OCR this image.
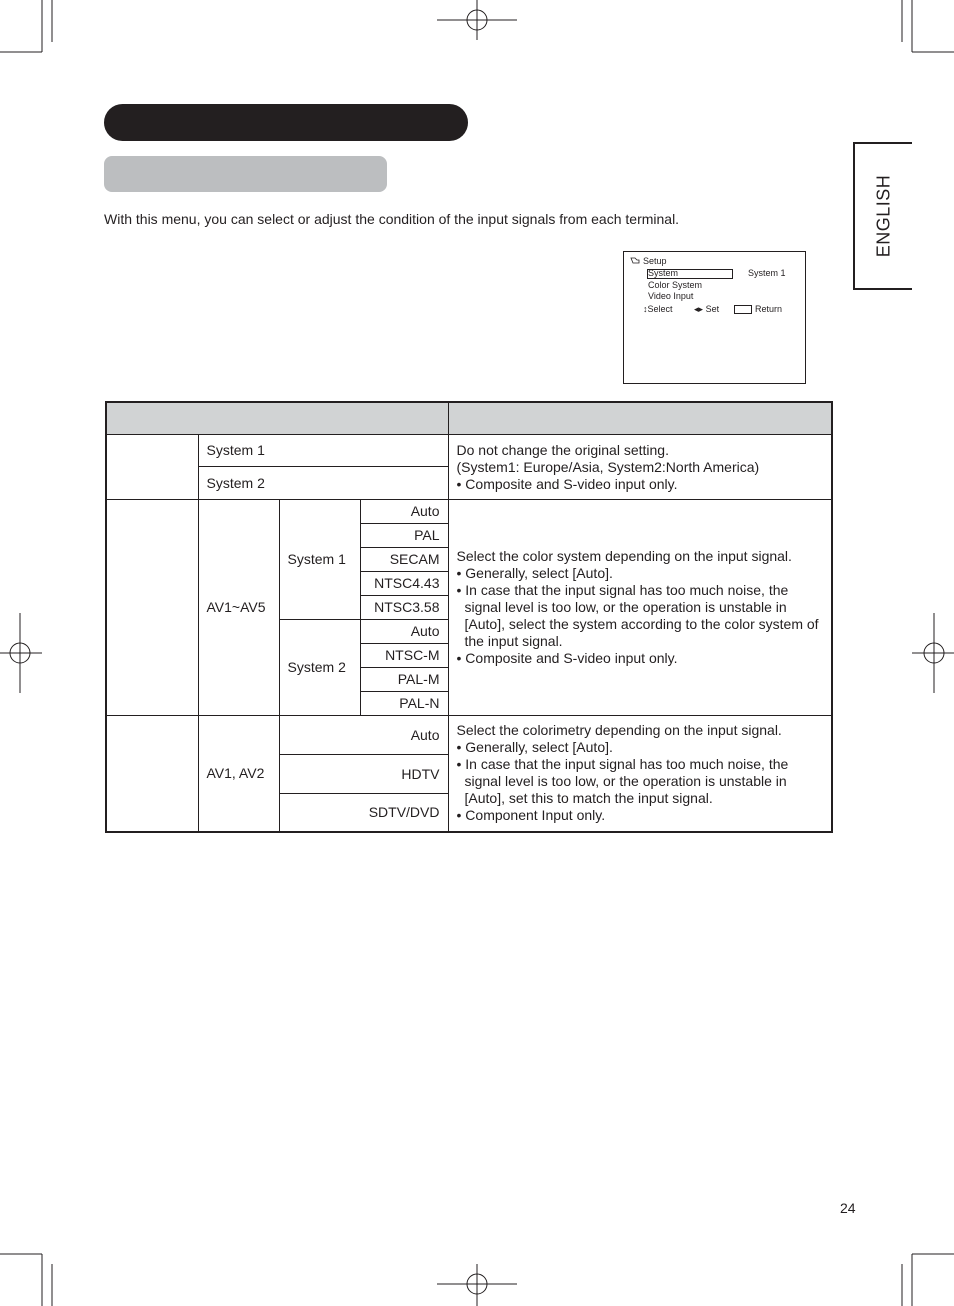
With this menu, you can select or adjust the condition of the input signals from each terminal.	ENGLISH
Setup
System	System 1
Color System
Video Input
↕Select ◂▸ Set	Return

	System 1			Do not change the original setting.

(System1: Europe/Asia, System2:North America)

• Composite and S-video input only.

	System 2			
	AV1~AV5	System 1	Auto	Select the color system depending on the input signal.

• Generally, select [Auto].

• In case that the input signal has too much noise, the signal level is too low, or the operation is unstable in [Auto], select the system according to the color system of the input signal.

• Composite and S-video input only.

			PAL	
			SECAM	
			NTSC4.43	
			NTSC3.58	
		System 2	Auto	
			NTSC-M	
			PAL-M	
			PAL-N	
	AV1, AV2	Auto		Select the colorimetry depending on the input signal.

• Generally, select [Auto].

• In case that the input signal has too much noise, the signal level is too low, or the operation is unstable in [Auto], set this to match the input signal.

• Component Input only.

		HDTV		
		SDTV/DVD		
24
